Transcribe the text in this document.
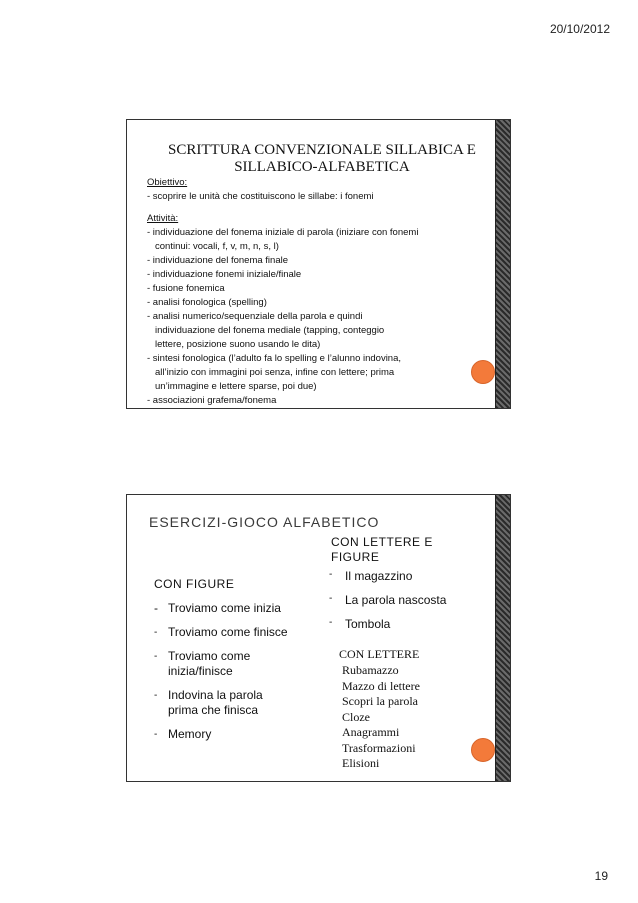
20/10/2012
SCRITTURA CONVENZIONALE SILLABICA E
SILLABICO-ALFABETICA
Obiettivo:
- scoprire le unità che costituiscono le sillabe: i fonemi
Attività:
- individuazione del fonema iniziale di parola (iniziare con fonemi
continui: vocali, f, v, m, n, s, l)
- individuazione del fonema finale
- individuazione fonemi iniziale/finale
- fusione fonemica
- analisi fonologica (spelling)
- analisi numerico/sequenziale della parola e quindi
individuazione del fonema mediale (tapping, conteggio
lettere, posizione suono usando le dita)
- sintesi fonologica (l’adulto fa lo spelling e l’alunno indovina,
all’inizio con immagini poi senza, infine con lettere; prima
un’immagine e lettere sparse, poi due)
- associazioni grafema/fonema
ESERCIZI-GIOCO ALFABETICO
CON LETTERE E FIGURE
CON FIGURE
- Troviamo come inizia
- Troviamo come finisce
- Troviamo come inizia/finisce
- Indovina la parola prima che finisca
- Memory
-	Il magazzino
-	La parola nascosta
-	Tombola
CON LETTERE
Rubamazzo
Mazzo di lettere
Scopri la parola
Cloze
Anagrammi
Trasformazioni
Elisioni
19
